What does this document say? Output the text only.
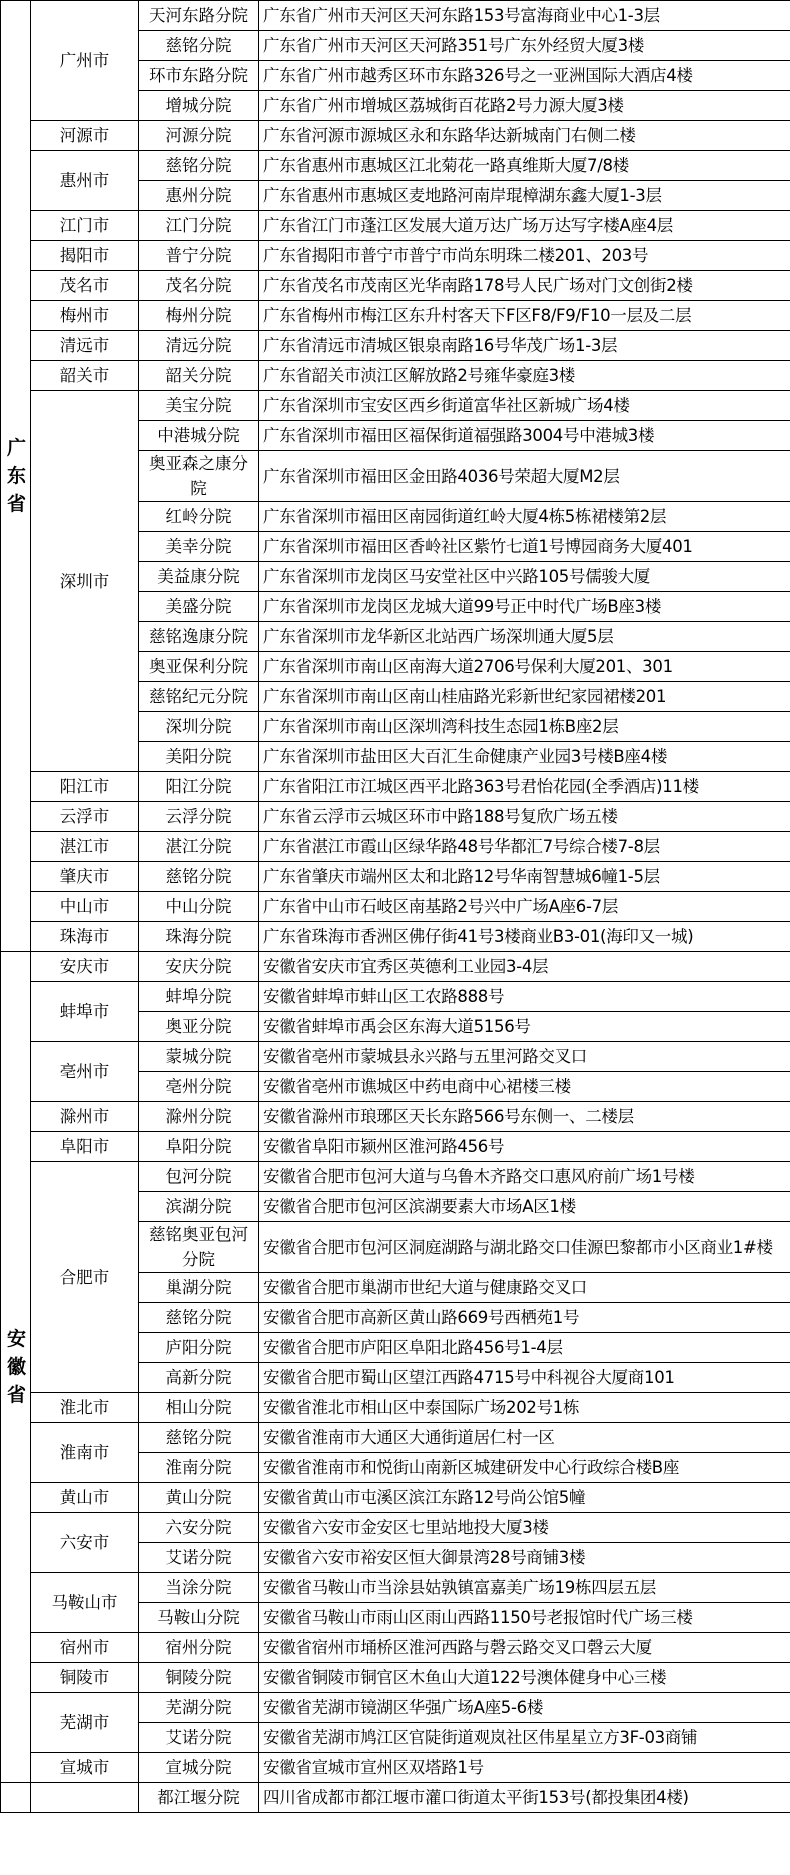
广东省	广州市	天河东路分院	广东省广州市天河区天河东路153号富海商业中心1-3层
		慈铭分院	广东省广州市天河区天河路351号广东外经贸大厦3楼
		环市东路分院	广东省广州市越秀区环市东路326号之一亚洲国际大酒店4楼
		增城分院	广东省广州市增城区荔城街百花路2号力源大厦3楼
	河源市	河源分院	广东省河源市源城区永和东路华达新城南门右侧二楼
	惠州市	慈铭分院	广东省惠州市惠城区江北菊花一路真维斯大厦7/8楼
		惠州分院	广东省惠州市惠城区麦地路河南岸琨樟湖东鑫大厦1-3层
	江门市	江门分院	广东省江门市蓬江区发展大道万达广场万达写字楼A座4层
	揭阳市	普宁分院	广东省揭阳市普宁市普宁市尚东明珠二楼201、203号
	茂名市	茂名分院	广东省茂名市茂南区光华南路178号人民广场对门文创街2楼
	梅州市	梅州分院	广东省梅州市梅江区东升村客天下F区F8/F9/F10一层及二层
	清远市	清远分院	广东省清远市清城区银泉南路16号华茂广场1-3层
	韶关市	韶关分院	广东省韶关市浈江区解放路2号雍华豪庭3楼
	深圳市	美宝分院	广东省深圳市宝安区西乡街道富华社区新城广场4楼
		中港城分院	广东省深圳市福田区福保街道福强路3004号中港城3楼
		奥亚森之康分院	广东省深圳市福田区金田路4036号荣超大厦M2层
		红岭分院	广东省深圳市福田区南园街道红岭大厦4栋5栋裙楼第2层
		美幸分院	广东省深圳市福田区香岭社区紫竹七道1号博园商务大厦401
		美益康分院	广东省深圳市龙岗区马安堂社区中兴路105号儒骏大厦
		美盛分院	广东省深圳市龙岗区龙城大道99号正中时代广场B座3楼
		慈铭逸康分院	广东省深圳市龙华新区北站西广场深圳通大厦5层
		奥亚保利分院	广东省深圳市南山区南海大道2706号保利大厦201、301
		慈铭纪元分院	广东省深圳市南山区南山桂庙路光彩新世纪家园裙楼201
		深圳分院	广东省深圳市南山区深圳湾科技生态园1栋B座2层
		美阳分院	广东省深圳市盐田区大百汇生命健康产业园3号楼B座4楼
	阳江市	阳江分院	广东省阳江市江城区西平北路363号君怡花园(全季酒店)11楼
	云浮市	云浮分院	广东省云浮市云城区环市中路188号复欣广场五楼
	湛江市	湛江分院	广东省湛江市霞山区绿华路48号华都汇7号综合楼7-8层
	肇庆市	慈铭分院	广东省肇庆市端州区太和北路12号华南智慧城6幢1-5层
	中山市	中山分院	广东省中山市石岐区南基路2号兴中广场A座6-7层
	珠海市	珠海分院	广东省珠海市香洲区佛仔街41号3楼商业B3-01(海印又一城)
安徽省	安庆市	安庆分院	安徽省安庆市宜秀区英德利工业园3-4层
	蚌埠市	蚌埠分院	安徽省蚌埠市蚌山区工农路888号
		奥亚分院	安徽省蚌埠市禹会区东海大道5156号
	亳州市	蒙城分院	安徽省亳州市蒙城县永兴路与五里河路交叉口
		亳州分院	安徽省亳州市谯城区中药电商中心裙楼三楼
	滁州市	滁州分院	安徽省滁州市琅琊区天长东路566号东侧一、二楼层
	阜阳市	阜阳分院	安徽省阜阳市颍州区淮河路456号
	合肥市	包河分院	安徽省合肥市包河大道与乌鲁木齐路交口惠风府前广场1号楼
		滨湖分院	安徽省合肥市包河区滨湖要素大市场A区1楼
		慈铭奥亚包河分院	安徽省合肥市包河区洞庭湖路与湖北路交口佳源巴黎都市小区商业1#楼
		巢湖分院	安徽省合肥市巢湖市世纪大道与健康路交叉口
		慈铭分院	安徽省合肥市高新区黄山路669号西栖苑1号
		庐阳分院	安徽省合肥市庐阳区阜阳北路456号1-4层
		高新分院	安徽省合肥市蜀山区望江西路4715号中科视谷大厦商101
	淮北市	相山分院	安徽省淮北市相山区中泰国际广场202号1栋
	淮南市	慈铭分院	安徽省淮南市大通区大通街道居仁村一区
		淮南分院	安徽省淮南市和悦街山南新区城建研发中心行政综合楼B座
	黄山市	黄山分院	安徽省黄山市屯溪区滨江东路12号尚公馆5幢
	六安市	六安分院	安徽省六安市金安区七里站地投大厦3楼
		艾诺分院	安徽省六安市裕安区恒大御景湾28号商铺3楼
	马鞍山市	当涂分院	安徽省马鞍山市当涂县姑孰镇富嘉美广场19栋四层五层
		马鞍山分院	安徽省马鞍山市雨山区雨山西路1150号老报馆时代广场三楼
	宿州市	宿州分院	安徽省宿州市埇桥区淮河西路与磬云路交叉口磬云大厦
	铜陵市	铜陵分院	安徽省铜陵市铜官区木鱼山大道122号澳体健身中心三楼
	芜湖市	芜湖分院	安徽省芜湖市镜湖区华强广场A座5-6楼
		艾诺分院	安徽省芜湖市鸠江区官陡街道观岚社区伟星星立方3F-03商铺
	宣城市	宣城分院	安徽省宣城市宣州区双塔路1号
		都江堰分院	四川省成都市都江堰市灌口街道太平街153号(都投集团4楼)
